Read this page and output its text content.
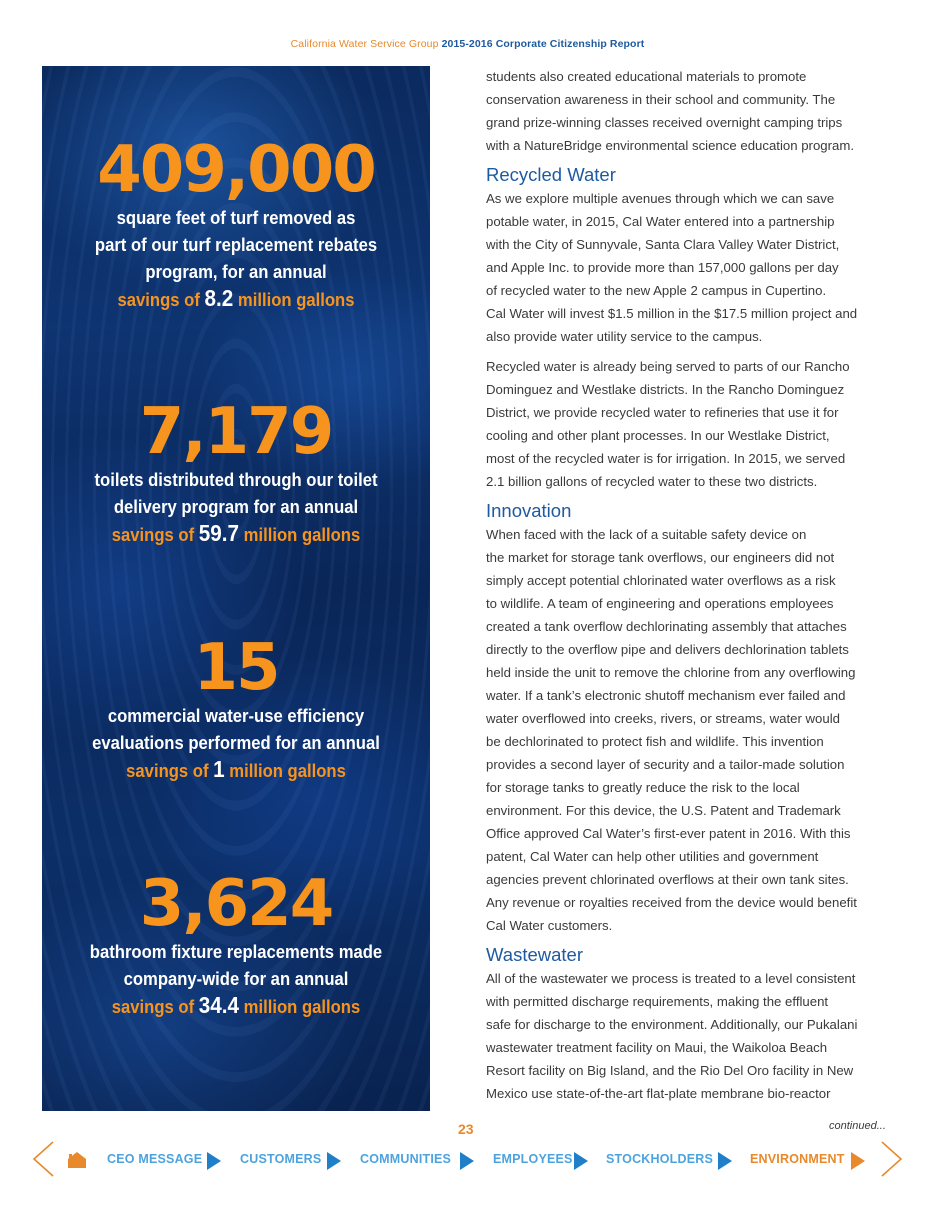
California Water Service Group 2015-2016 Corporate Citizenship Report
409,000
square feet of turf removed as
part of our turf replacement rebates
program, for an annual
savings of 8.2 million gallons
7,179
toilets distributed through our toilet
delivery program for an annual
savings of 59.7 million gallons
15
commercial water-use efficiency
evaluations performed for an annual
savings of 1 million gallons
3,624
bathroom fixture replacements made
company-wide for an annual
savings of 34.4 million gallons

students also created educational materials to promote
conservation awareness in their school and community. The
grand prize-winning classes received overnight camping trips
with a NatureBridge environmental science education program.

Recycled Water

As we explore multiple avenues through which we can save
potable water, in 2015, Cal Water entered into a partnership
with the City of Sunnyvale, Santa Clara Valley Water District,
and Apple Inc. to provide more than 157,000 gallons per day
of recycled water to the new Apple 2 campus in Cupertino.
Cal Water will invest $1.5 million in the $17.5 million project and
also provide water utility service to the campus.

Recycled water is already being served to parts of our Rancho
Dominguez and Westlake districts. In the Rancho Dominguez
District, we provide recycled water to refineries that use it for
cooling and other plant processes. In our Westlake District,
most of the recycled water is for irrigation. In 2015, we served
2.1 billion gallons of recycled water to these two districts.

Innovation

When faced with the lack of a suitable safety device on
the market for storage tank overflows, our engineers did not
simply accept potential chlorinated water overflows as a risk
to wildlife. A team of engineering and operations employees
created a tank overflow dechlorinating assembly that attaches
directly to the overflow pipe and delivers dechlorination tablets
held inside the unit to remove the chlorine from any overflowing
water. If a tank’s electronic shutoff mechanism ever failed and
water overflowed into creeks, rivers, or streams, water would
be dechlorinated to protect fish and wildlife. This invention
provides a second layer of security and a tailor-made solution
for storage tanks to greatly reduce the risk to the local
environment. For this device, the U.S. Patent and Trademark
Office approved Cal Water’s first-ever patent in 2016. With this
patent, Cal Water can help other utilities and government
agencies prevent chlorinated overflows at their own tank sites.
Any revenue or royalties received from the device would benefit
Cal Water customers.

Wastewater

All of the wastewater we process is treated to a level consistent
with permitted discharge requirements, making the effluent
safe for discharge to the environment. Additionally, our Pukalani
wastewater treatment facility on Maui, the Waikoloa Beach
Resort facility on Big Island, and the Rio Del Oro facility in New
Mexico use state-of-the-art flat-plate membrane bio-reactor

23	continued...
CEO MESSAGE	CUSTOMERS	COMMUNITIES	EMPLOYEES	STOCKHOLDERS	ENVIRONMENT
